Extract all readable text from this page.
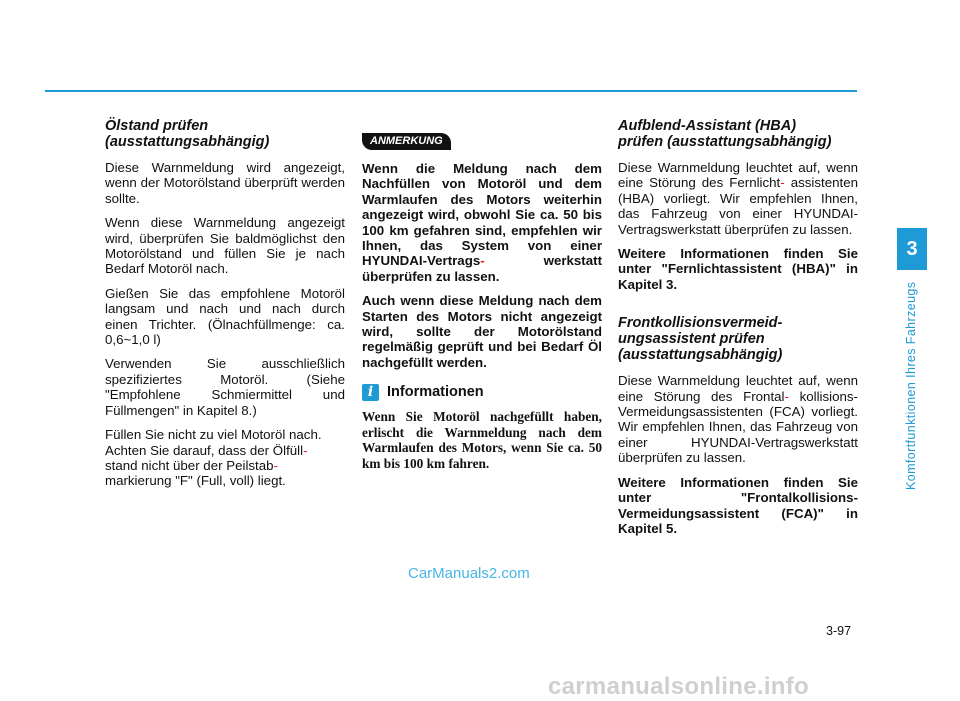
Ölstand prüfen
(ausstattungsabhängig)

Diese Warnmeldung wird angezeigt, wenn der Motorölstand überprüft werden sollte.

Wenn diese Warnmeldung angezeigt wird, überprüfen Sie baldmöglichst den Motorölstand und füllen Sie je nach Bedarf Motoröl nach.

Gießen Sie das empfohlene Motoröl langsam und nach und nach durch einen Trichter. (Ölnachfüllmenge: ca. 0,6~1,0 l)

Verwenden Sie ausschließlich spezifiziertes Motoröl. (Siehe "Empfohlene Schmiermittel und Füllmengen" in Kapitel 8.)

Füllen Sie nicht zu viel Motoröl nach. Achten Sie darauf, dass der Ölfüll-
stand nicht über der Peilstab-
markierung "F" (Full, voll) liegt.

ANMERKUNG

Wenn die Meldung nach dem Nachfüllen von Motoröl und dem Warmlaufen des Motors weiterhin angezeigt wird, obwohl Sie ca. 50 bis 100 km gefahren sind, empfehlen wir Ihnen, das System von einer HYUNDAI-Vertrags-	werkstatt überprüfen zu lassen.

Auch wenn diese Meldung nach dem Starten des Motors nicht angezeigt wird, sollte der Motorölstand regelmäßig geprüft und bei Bedarf Öl nachgefüllt werden.

i Informationen

Wenn Sie Motoröl nachgefüllt haben, erlischt die Warnmeldung nach dem Warmlaufen des Motors, wenn Sie ca. 50 km bis 100 km fahren.

Aufblend-Assistant (HBA)
prüfen (ausstattungsabhängig)

Diese Warnmeldung leuchtet auf, wenn eine Störung des Fernlicht- assistenten (HBA) vorliegt. Wir empfehlen Ihnen, das Fahrzeug von einer HYUNDAI-Vertragswerkstatt überprüfen zu lassen.

Weitere Informationen finden Sie unter "Fernlichtassistent (HBA)" in Kapitel 3.

Frontkollisionsvermeid-
ungsassistent prüfen
(ausstattungsabhängig)

Diese Warnmeldung leuchtet auf, wenn eine Störung des Frontal- kollisions-Vermeidungsassistenten (FCA) vorliegt. Wir empfehlen Ihnen, das Fahrzeug von einer HYUNDAI-Vertragswerkstatt überprüfen zu lassen.

Weitere Informationen finden Sie unter "Frontalkollisions-Vermeidungsassistent (FCA)" in Kapitel 5.

3
Komfortfunktionen Ihres Fahrzeugs
3-97
CarManuals2.com
carmanualsonline.info
